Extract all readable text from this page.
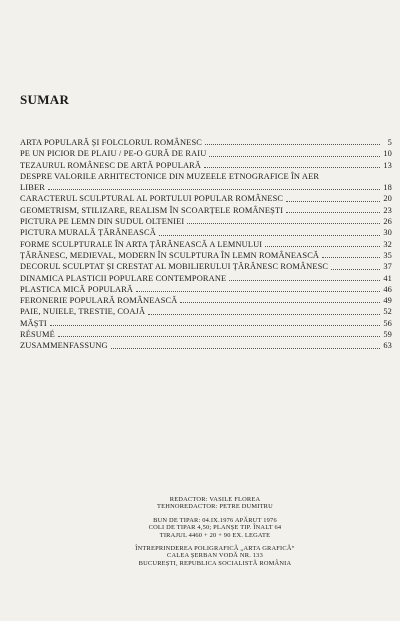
SUMAR
ARTA POPULARĂ ȘI FOLCLORUL ROMÂNESC	5
PE UN PICIOR DE PLAIU / PE-O GURĂ DE RAIU	10
TEZAURUL ROMÂNESC DE ARTĂ POPULARĂ	13
DESPRE VALORILE ARHITECTONICE DIN MUZEELE ETNOGRAFICE ÎN AER
LIBER	18
CARACTERUL SCULPTURAL AL PORTULUI POPULAR ROMÂNESC	20
GEOMETRISM, STILIZARE, REALISM ÎN SCOARȚELE ROMÂNEȘTI	23
PICTURA PE LEMN DIN SUDUL OLTENIEI	26
PICTURA MURALĂ ȚĂRĂNEASCĂ	30
FORME SCULPTURALE ÎN ARTA ȚĂRĂNEASCĂ A LEMNULUI	32
ȚĂRĂNESC, MEDIEVAL, MODERN ÎN SCULPTURA ÎN LEMN ROMÂNEASCĂ	35
DECORUL SCULPTAT ȘI CRESTAT AL MOBILIERULUI ȚĂRĂNESC ROMÂNESC	37
DINAMICA PLASTICII POPULARE CONTEMPORANE	41
PLASTICA MICĂ POPULARĂ	46
FERONERIE POPULARĂ ROMÂNEASCĂ	49
PAIE, NUIELE, TRESTIE, COAJĂ	52
MĂȘTI	56
RÉSUMÉ	59
ZUSAMMENFASSUNG	63
REDACTOR: VASILE FLOREA
TEHNOREDACTOR: PETRE DUMITRU
BUN DE TIPAR: 04.IX.1976 APĂRUT 1976
COLI DE TIPAR 4,50; PLANȘE TIP. ÎNALT 64
TIRAJUL 4460 + 20 + 90 EX. LEGATE
ÎNTREPRINDEREA POLIGRAFICĂ „ARTA GRAFICĂ“
CALEA ȘERBAN VODĂ NR. 133
BUCUREȘTI, REPUBLICA SOCIALISTĂ ROMÂNIA
